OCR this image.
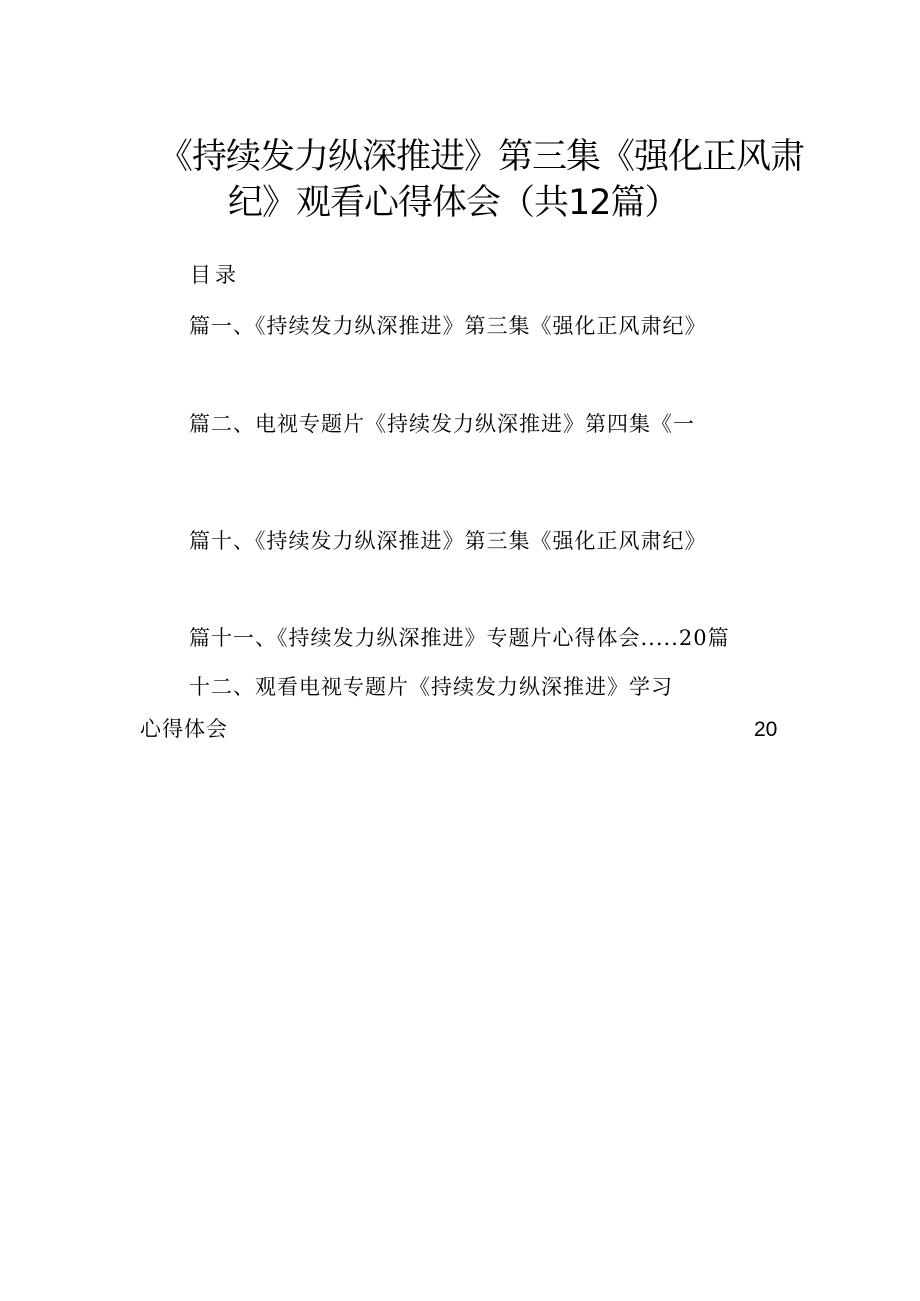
《持续发力纵深推进》第三集《强化正风肃
纪》观看心得体会（共12篇）
目录
篇一、《持续发力纵深推进》第三集《强化正风肃纪》
篇二、电视专题片《持续发力纵深推进》第四集《一
篇十、《持续发力纵深推进》第三集《强化正风肃纪》
篇十一、《持续发力纵深推进》专题片心得体会.....20篇
十二、观看电视专题片《持续发力纵深推进》学习
心得体会	20
